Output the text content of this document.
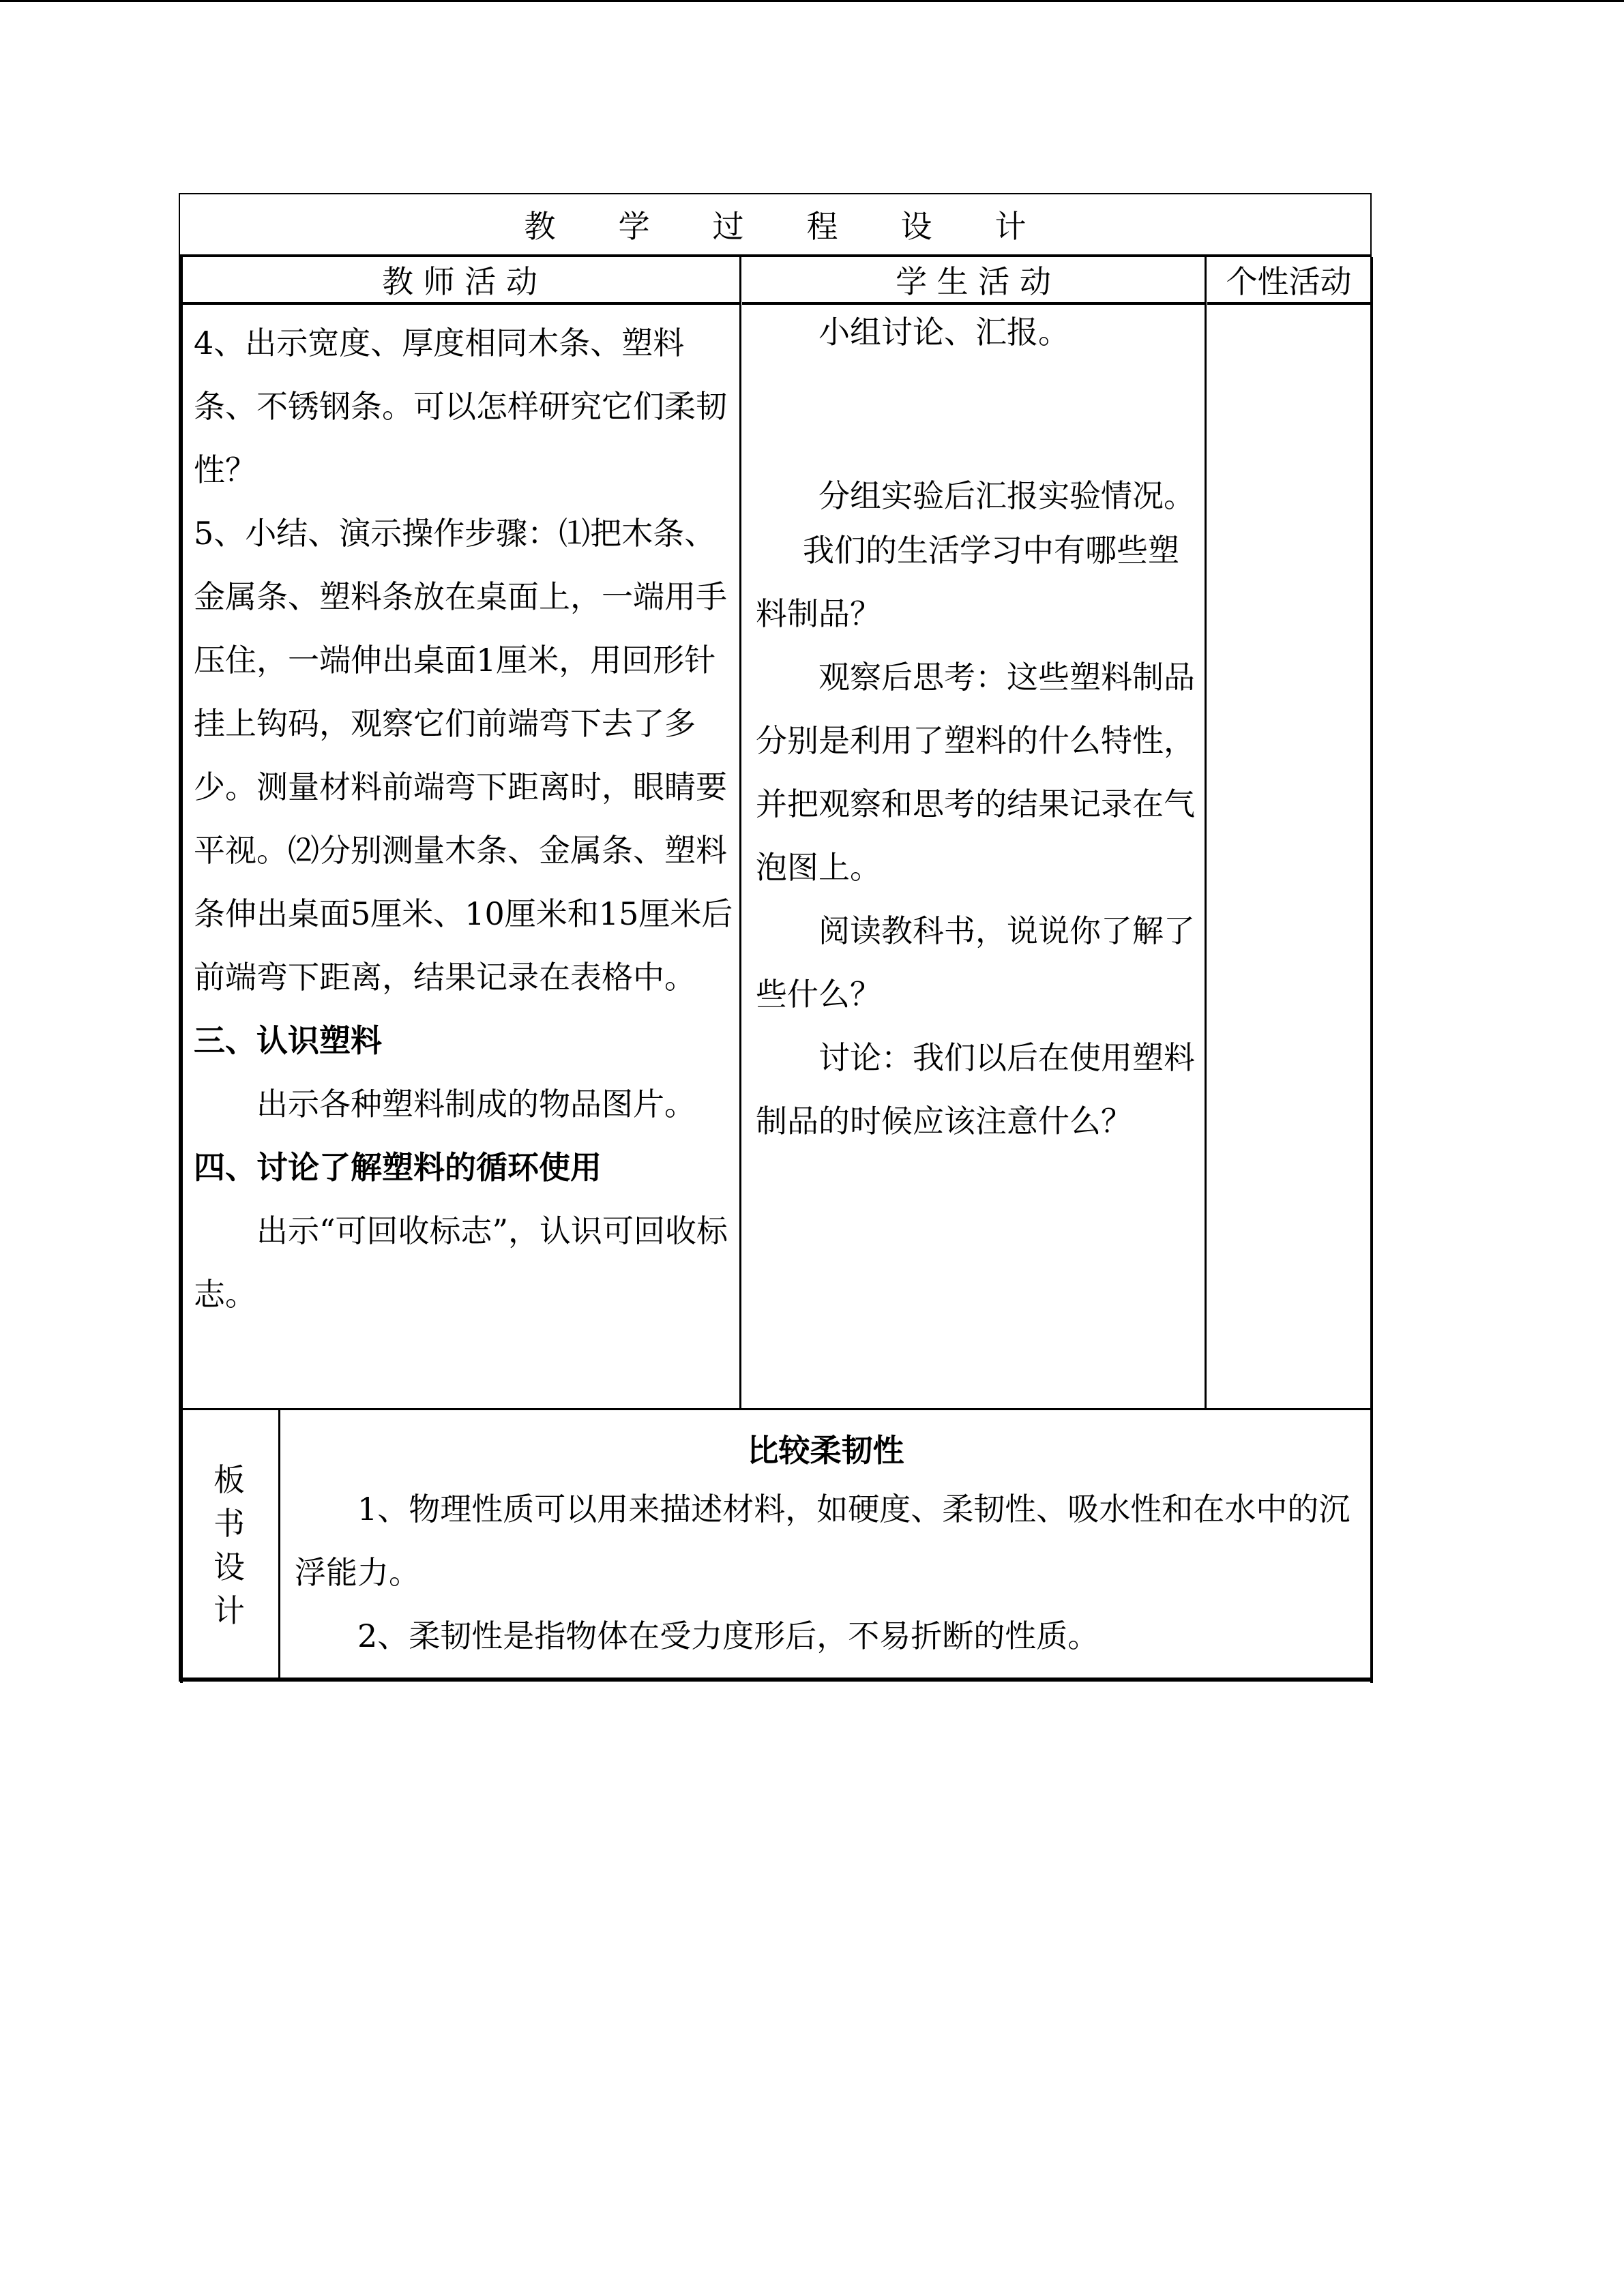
教 学 过 程 设 计
教 师 活 动	学 生 活 动	个性活动

4、出示宽度、厚度相同木条、塑料条、不锈钢条。可以怎样研究它们柔韧性？

5、小结、演示操作步骤：⑴把木条、金属条、塑料条放在桌面上，一端用手压住，一端伸出桌面1厘米，用回形针挂上钩码，观察它们前端弯下去了多少。测量材料前端弯下距离时，眼睛要平视。⑵分别测量木条、金属条、塑料条伸出桌面5厘米、10厘米和15厘米后前端弯下距离，结果记录在表格中。

三、认识塑料

出示各种塑料制成的物品图片。

四、讨论了解塑料的循环使用

出示“可回收标志”，认识可回收标志。

小组讨论、汇报。

分组实验后汇报实验情况。

我们的生活学习中有哪些塑料制品？

观察后思考：这些塑料制品分别是利用了塑料的什么特性，并把观察和思考的结果记录在气泡图上。

阅读教科书，说说你了解了些什么？

讨论：我们以后在使用塑料制品的时候应该注意什么？

板
书
设
计

比较柔韧性

1、物理性质可以用来描述材料，如硬度、柔韧性、吸水性和在水中的沉浮能力。

2、柔韧性是指物体在受力度形后，不易折断的性质。
